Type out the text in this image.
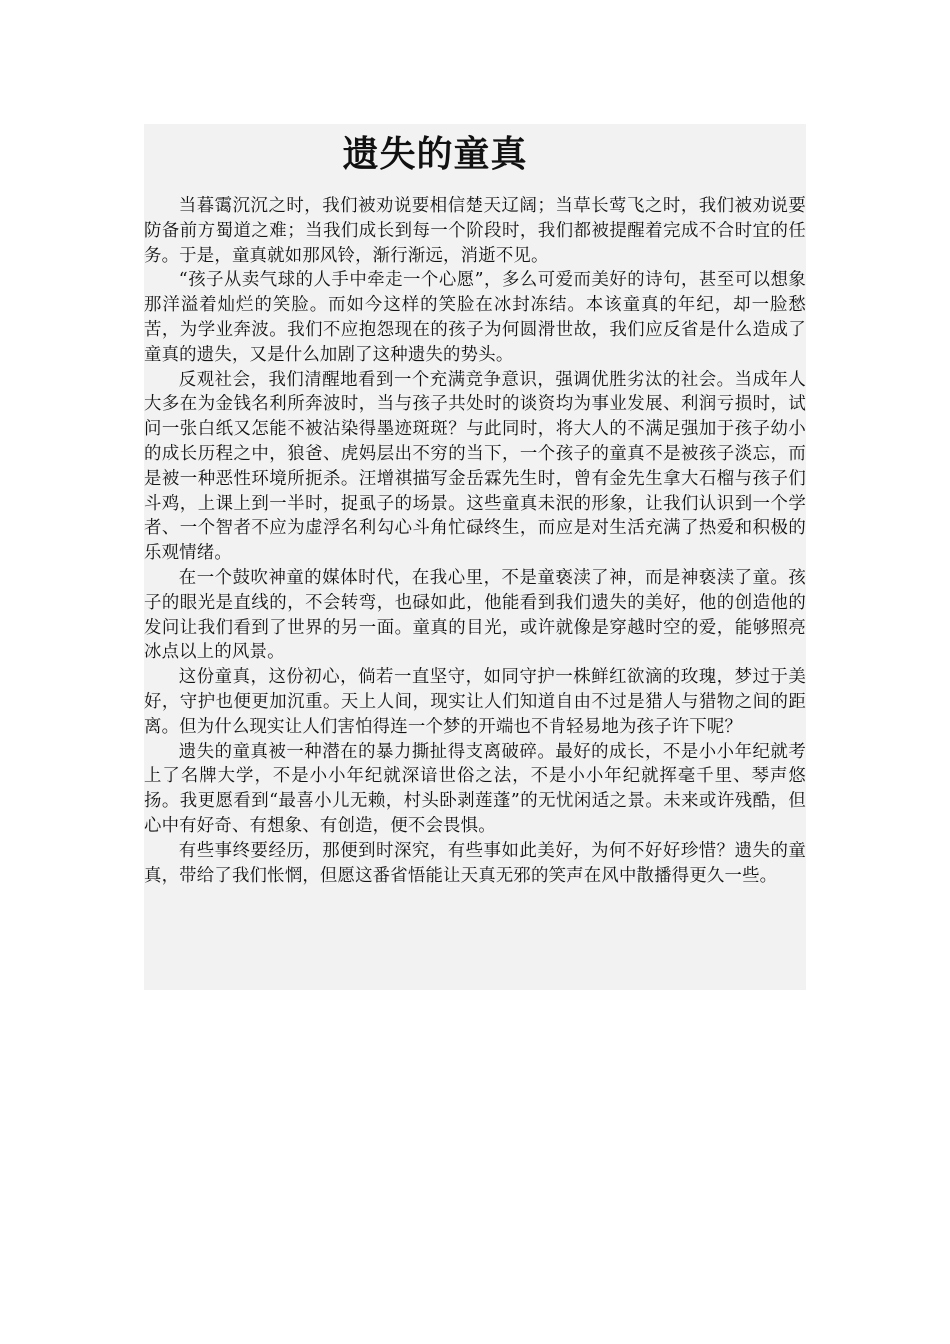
遗失的童真

当暮霭沉沉之时，我们被劝说要相信楚天辽阔；当草长莺飞之时，我们被劝说要防备前方蜀道之难；当我们成长到每一个阶段时，我们都被提醒着完成不合时宜的任务。于是，童真就如那风铃，渐行渐远，消逝不见。

“孩子从卖气球的人手中牵走一个心愿”，多么可爱而美好的诗句，甚至可以想象那洋溢着灿烂的笑脸。而如今这样的笑脸在冰封冻结。本该童真的年纪，却一脸愁苦，为学业奔波。我们不应抱怨现在的孩子为何圆滑世故，我们应反省是什么造成了童真的遗失，又是什么加剧了这种遗失的势头。

反观社会，我们清醒地看到一个充满竞争意识，强调优胜劣汰的社会。当成年人大多在为金钱名利所奔波时，当与孩子共处时的谈资均为事业发展、利润亏损时，试问一张白纸又怎能不被沾染得墨迹斑斑？与此同时，将大人的不满足强加于孩子幼小的成长历程之中，狼爸、虎妈层出不穷的当下，一个孩子的童真不是被孩子淡忘，而是被一种恶性环境所扼杀。汪增祺描写金岳霖先生时，曾有金先生拿大石榴与孩子们斗鸡，上课上到一半时，捉虱子的场景。这些童真未泯的形象，让我们认识到一个学者、一个智者不应为虚浮名利勾心斗角忙碌终生，而应是对生活充满了热爱和积极的乐观情绪。

在一个鼓吹神童的媒体时代，在我心里，不是童亵渎了神，而是神亵渎了童。孩子的眼光是直线的，不会转弯，也碌如此，他能看到我们遗失的美好，他的创造他的发问让我们看到了世界的另一面。童真的目光，或许就像是穿越时空的爱，能够照亮冰点以上的风景。

这份童真，这份初心，倘若一直坚守，如同守护一株鲜红欲滴的玫瑰，梦过于美好，守护也便更加沉重。天上人间，现实让人们知道自由不过是猎人与猎物之间的距离。但为什么现实让人们害怕得连一个梦的开端也不肯轻易地为孩子许下呢？

遗失的童真被一种潜在的暴力撕扯得支离破碎。最好的成长，不是小小年纪就考上了名牌大学，不是小小年纪就深谙世俗之法，不是小小年纪就挥毫千里、琴声悠扬。我更愿看到“最喜小儿无赖，村头卧剥莲蓬”的无忧闲适之景。未来或许残酷，但心中有好奇、有想象、有创造，便不会畏惧。

有些事终要经历，那便到时深究，有些事如此美好，为何不好好珍惜？遗失的童真，带给了我们怅惘，但愿这番省悟能让天真无邪的笑声在风中散播得更久一些。
